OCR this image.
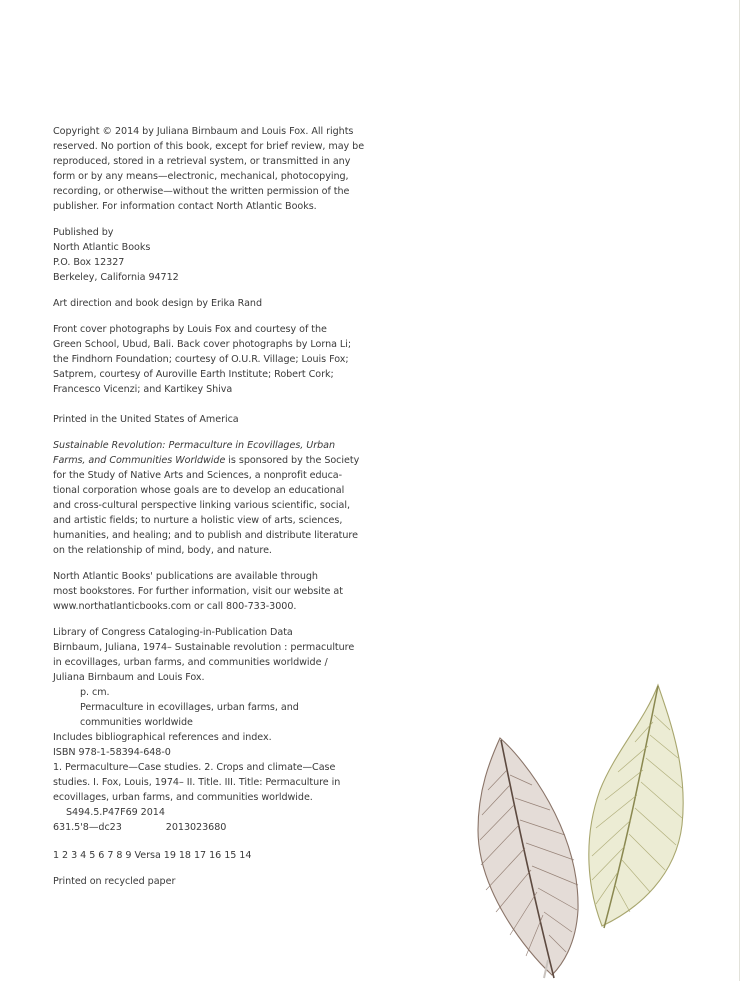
Copyright © 2014 by Juliana Birnbaum and Louis Fox. All rights
reserved. No portion of this book, except for brief review, may be
reproduced, stored in a retrieval system, or transmitted in any
form or by any means—electronic, mechanical, photocopying,
recording, or otherwise—without the written permission of the
publisher. For information contact North Atlantic Books.

Published by
North Atlantic Books
P.O. Box 12327
Berkeley, California 94712

Art direction and book design by Erika Rand

Front cover photographs by Louis Fox and courtesy of the
Green School, Ubud, Bali. Back cover photographs by Lorna Li;
the Findhorn Foundation; courtesy of O.U.R. Village; Louis Fox;
Satprem, courtesy of Auroville Earth Institute; Robert Cork;
Francesco Vicenzi; and Kartikey Shiva

Printed in the United States of America

Sustainable Revolution: Permaculture in Ecovillages, Urban
Farms, and Communities Worldwide is sponsored by the Society
for the Study of Native Arts and Sciences, a nonprofit educa-
tional corporation whose goals are to develop an educational
and cross-cultural perspective linking various scientific, social,
and artistic fields; to nurture a holistic view of arts, sciences,
humanities, and healing; and to publish and distribute literature
on the relationship of mind, body, and nature.

North Atlantic Books' publications are available through
most bookstores. For further information, visit our website at
www.northatlanticbooks.com or call 800-733-3000.

Library of Congress Cataloging-in-Publication Data
Birnbaum, Juliana, 1974– Sustainable revolution : permaculture
in ecovillages, urban farms, and communities worldwide /
Juliana Birnbaum and Louis Fox.
p. cm.
Permaculture in ecovillages, urban farms, and
communities worldwide
Includes bibliographical references and index.
ISBN 978-1-58394-648-0
1. Permaculture—Case studies. 2. Crops and climate—Case
studies. I. Fox, Louis, 1974– II. Title. III. Title: Permaculture in
ecovillages, urban farms, and communities worldwide.
S494.5.P47F69 2014
631.5'8—dc23	2013023680

1 2 3 4 5 6 7 8 9 Versa 19 18 17 16 15 14

Printed on recycled paper
